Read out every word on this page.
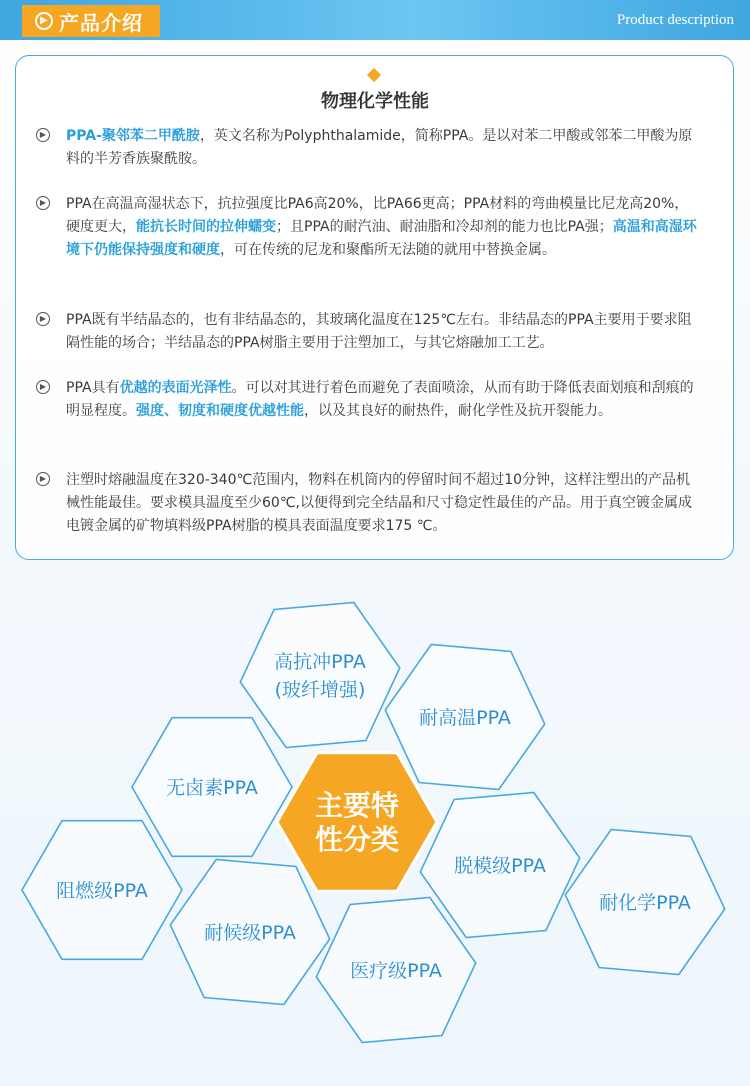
▶ 产品介绍	Product description
物理化学性能
▶ PPA-聚邻苯二甲酰胺，英文名称为Polyphthalamide，简称PPA。是以对苯二甲酸或邻苯二甲酸为原料的半芳香族聚酰胺。

▶ PPA在高温高湿状态下，抗拉强度比PA6高20%，比PA66更高；PPA材料的弯曲模量比尼龙高20%，硬度更大，能抗长时间的拉伸蠕变；且PPA的耐汽油、耐油脂和冷却剂的能力也比PA强；高温和高湿环境下仍能保持强度和硬度，可在传统的尼龙和聚酯所无法随的就用中替换金属。

▶ PPA既有半结晶态的，也有非结晶态的，其玻璃化温度在125℃左右。非结晶态的PPA主要用于要求阻隔性能的场合；半结晶态的PPA树脂主要用于注塑加工，与其它熔融加工工艺。

▶ PPA具有优越的表面光泽性。可以对其进行着色而避免了表面喷涂，从而有助于降低表面划痕和刮痕的明显程度。强度、韧度和硬度优越性能，以及其良好的耐热件，耐化学性及抗开裂能力。

▶ 注塑时熔融温度在320-340℃范围内，物料在机筒内的停留时间不超过10分钟，这样注塑出的产品机械性能最佳。要求模具温度至少60℃,以便得到完全结晶和尺寸稳定性最佳的产品。用于真空镀金属成电镀金属的矿物填料级PPA树脂的模具表面温度要求175 ℃。

高抗冲PPA
(玻纤增强)
耐高温PPA
无卤素PPA
脱模级PPA
阻燃级PPA
耐化学PPA
耐候级PPA
医疗级PPA
主要特
性分类
